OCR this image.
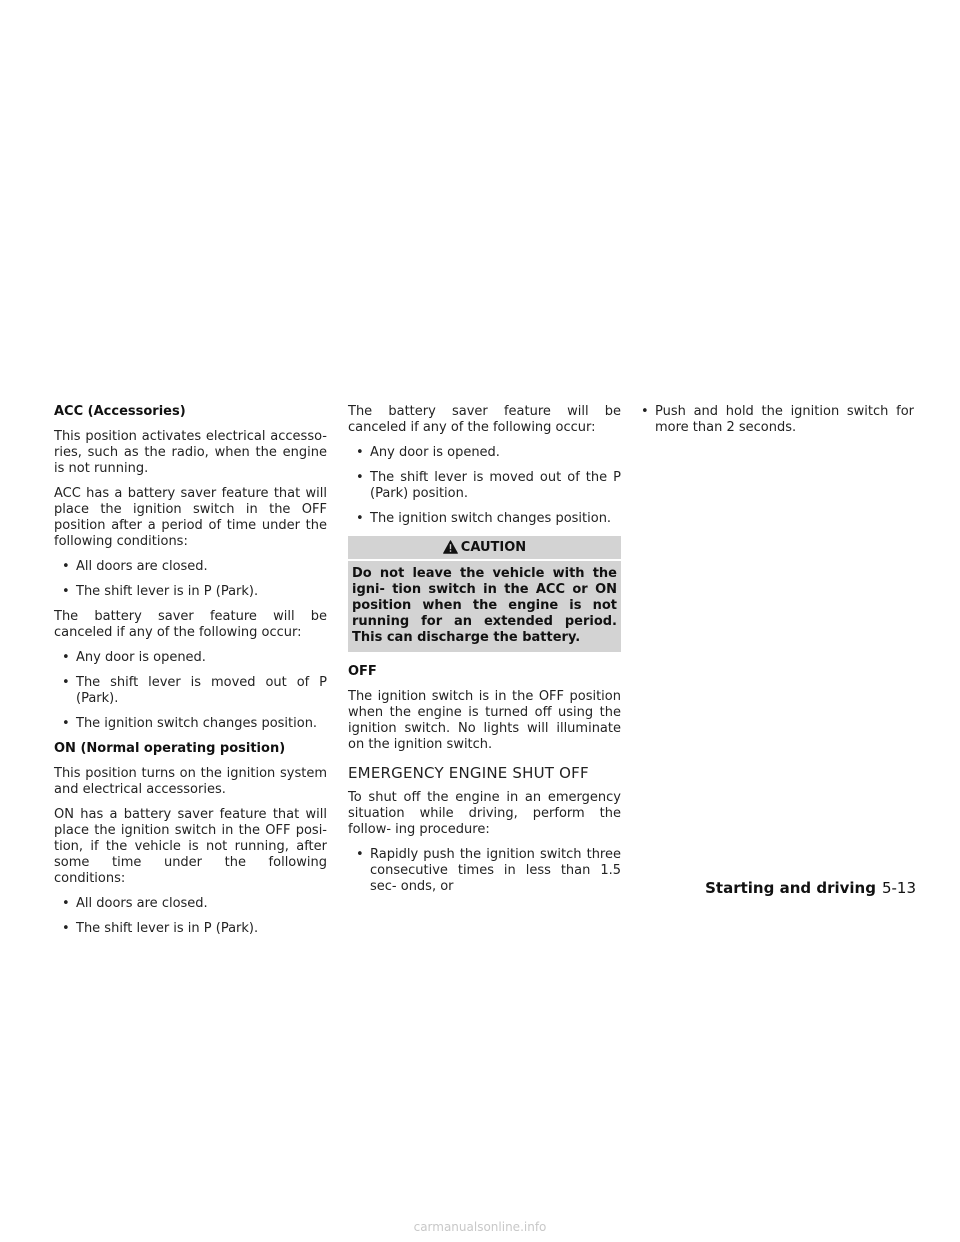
ACC (Accessories)

This position activates electrical accesso- ries, such as the radio, when the engine is not running.

ACC has a battery saver feature that will place the ignition switch in the OFF position after a period of time under the following conditions:

• All doors are closed.
• The shift lever is in P (Park).

The battery saver feature will be canceled if any of the following occur:

• Any door is opened.
• The shift lever is moved out of P (Park).
• The ignition switch changes position.
ON (Normal operating position)

This position turns on the ignition system and electrical accessories.

ON has a battery saver feature that will place the ignition switch in the OFF posi- tion, if the vehicle is not running, after some time under the following conditions:

• All doors are closed.
• The shift lever is in P (Park).

The battery saver feature will be canceled if any of the following occur:

• Any door is opened.
• The shift lever is moved out of the P (Park) position.
• The ignition switch changes position.
CAUTION
Do not leave the vehicle with the igni- tion switch in the ACC or ON position when the engine is not running for an extended period. This can discharge the battery.
OFF

The ignition switch is in the OFF position when the engine is turned off using the ignition switch. No lights will illuminate on the ignition switch.

EMERGENCY ENGINE SHUT OFF

To shut off the engine in an emergency situation while driving, perform the follow- ing procedure:

• Rapidly push the ignition switch three consecutive times in less than 1.5 sec- onds, or
• Push and hold the ignition switch for more than 2 seconds.
Starting and driving 5-13
carmanualsonline.info
